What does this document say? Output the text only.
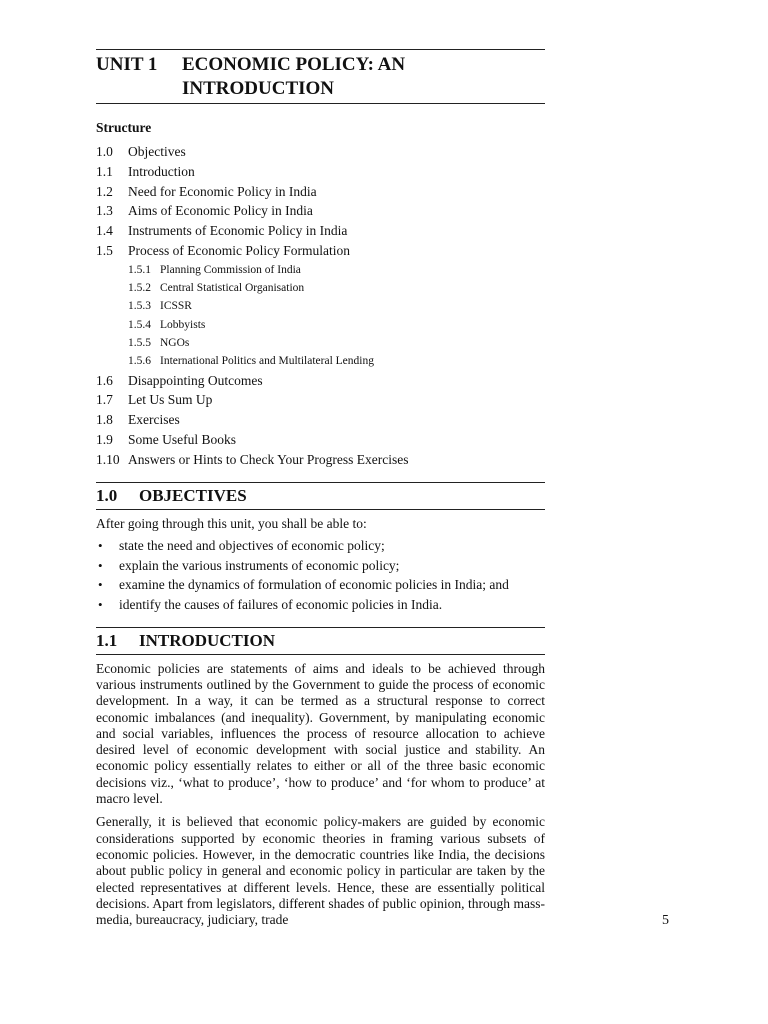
UNIT 1	ECONOMIC POLICY: AN
INTRODUCTION
Structure
1.0	Objectives
1.1	Introduction
1.2	Need for Economic Policy in India
1.3	Aims of Economic Policy in India
1.4	Instruments of Economic Policy in India
1.5	Process of Economic Policy Formulation
1.5.1 Planning Commission of India
1.5.2 Central Statistical Organisation
1.5.3 ICSSR
1.5.4 Lobbyists
1.5.5 NGOs
1.5.6 International Politics and Multilateral Lending
1.6	Disappointing Outcomes
1.7	Let Us Sum Up
1.8	Exercises
1.9	Some Useful Books
1.10 Answers or Hints to Check Your Progress Exercises
1.0	OBJECTIVES
After going through this unit, you shall be able to:
•	state the need and objectives of economic policy;
•	explain the various instruments of economic policy;
•	examine the dynamics of formulation of economic policies in India; and
•	identify the causes of failures of economic policies in India.
1.1	INTRODUCTION
Economic policies are statements of aims and ideals to be achieved through various instruments outlined by the Government to guide the process of economic development. In a way, it can be termed as a structural response to correct economic imbalances (and inequality). Government, by manipulating economic and social variables, influences the process of resource allocation to achieve desired level of economic development with social justice and stability. An economic policy essentially relates to either or all of the three basic economic decisions viz., ‘what to produce’, ‘how to produce’ and ‘for whom to produce’ at macro level.
Generally, it is believed that economic policy-makers are guided by economic considerations supported by economic theories in framing various subsets of economic policies. However, in the democratic countries like India, the decisions about public policy in general and economic policy in particular are taken by the elected representatives at different levels. Hence, these are essentially political decisions. Apart from legislators, different shades of public opinion, through mass-media, bureaucracy, judiciary, trade	5
